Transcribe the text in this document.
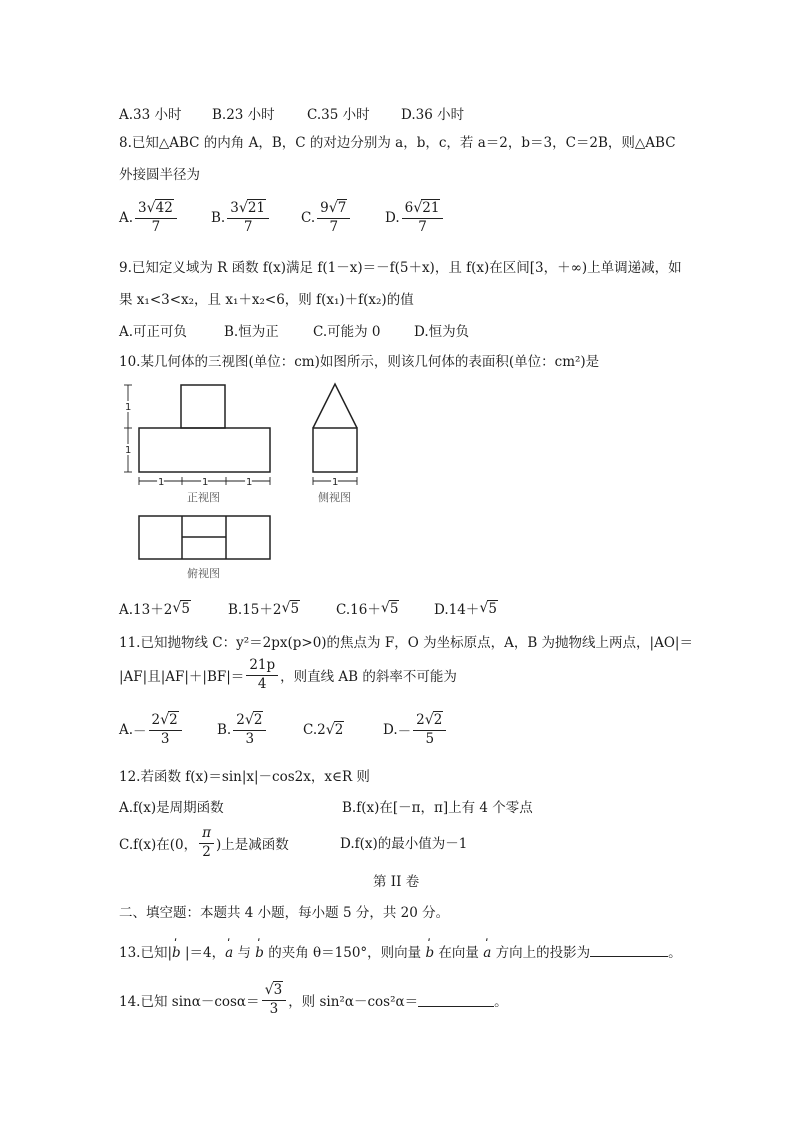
A.33 小时	B.23 小时	C.35 小时	D.36 小时
8.已知△ABC 的内角 A，B，C 的对边分别为 a，b，c，若 a＝2，b＝3，C＝2B，则△ABC
外接圆半径为
A. $\frac{3√42}{7}$	B. $\frac{3√21}{7} C$. $\frac{9√7}{7}$	D. $\frac{6√21}{7}$
9.已知定义域为 R 函数 f(x)满足 f(1－x)＝－f(5＋x)，且 f(x)在区间[3，＋∞)上单调递减，如
果 x₁<3<x₂，且 x₁＋x₂<6，则 f(x₁)＋f(x₂)的值
A.可正可负	B.恒为正	C.可能为 0	D.恒为负
10.某几何体的三视图(单位：cm)如图所示，则该几何体的表面积(单位：cm²)是
1
1
1	1	1	1
正视图	侧视图
俯视图
A.13＋2 √ 5	B.15＋2 √ 5	C.16＋ √ 5	D.14＋ √ 5
11.已知抛物线 C：y²＝2px(p>0)的焦点为 F，O 为坐标原点，A，B 为抛物线上两点，|AO|＝
|AF|且$|AF|+|BF|= \frac{21p}{4}$ ，则直线 AB 的斜率不可能为
A. － $\frac{2√2}{3}$	B. $\frac{2√2}{3}$	C. 2 √ 2	D. － $\frac{2√2}{5}$
12.若函数 f(x)＝sin|x|－cos2x，x∈R 则
A.f(x)是周期函数	B.f(x)在[－π，π]上有 4 个零点
C.f(x)在(0， $\frac{\pi}{2}$ )上是减函数	D.f(x)的最小值为－1
第 II 卷
二、填空题：本题共 4 小题，每小题 5 分，共 20 分。
13.已知|ˈ b |＝4，ˈ a 与 ˈ b 的夹角 θ＝150°，则向量 ˈ b 在向量 ˈ a 方向上的投影为	。
14.已知 $\sin\alpha-\cos\alpha= \frac{√3}{3}$ ，则 sin²α－cos²α＝	。
